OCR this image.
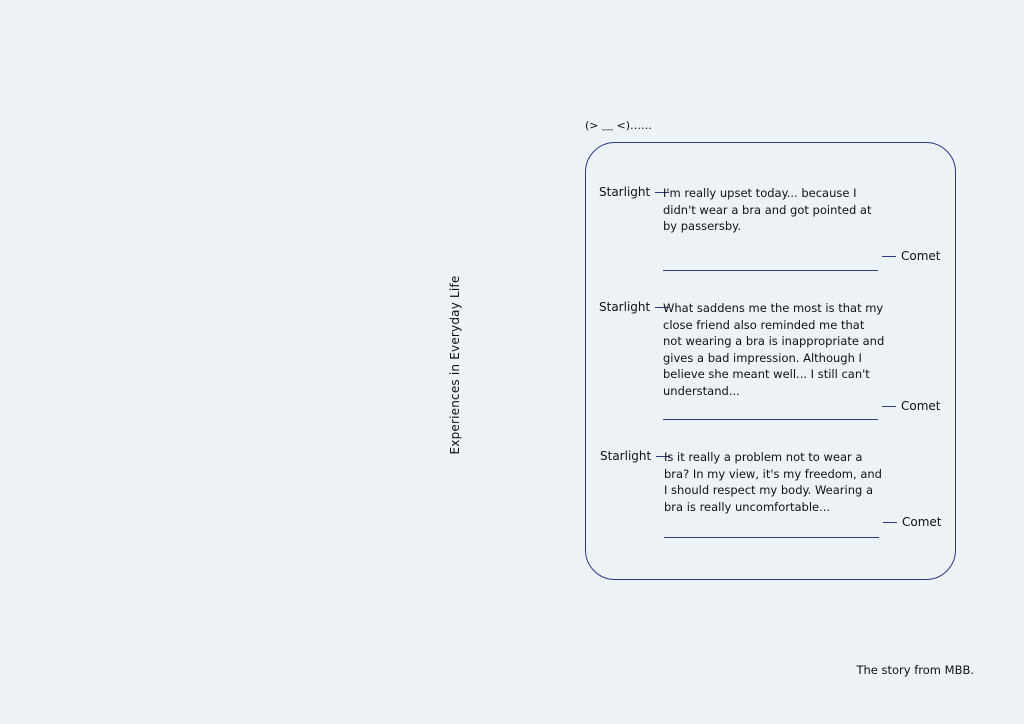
Experiences in Everyday Life
(> ﹏ <)……
Starlight I'm really upset today... because I didn't wear a bra and got pointed at by passersby.
Comet
Starlight What saddens me the most is that my close friend also reminded me that not wearing a bra is inappropriate and gives a bad impression. Although I believe she meant well... I still can't understand...
Comet
Starlight Is it really a problem not to wear a bra? In my view, it's my freedom, and I should respect my body. Wearing a bra is really uncomfortable...
Comet
The story from MBB.
